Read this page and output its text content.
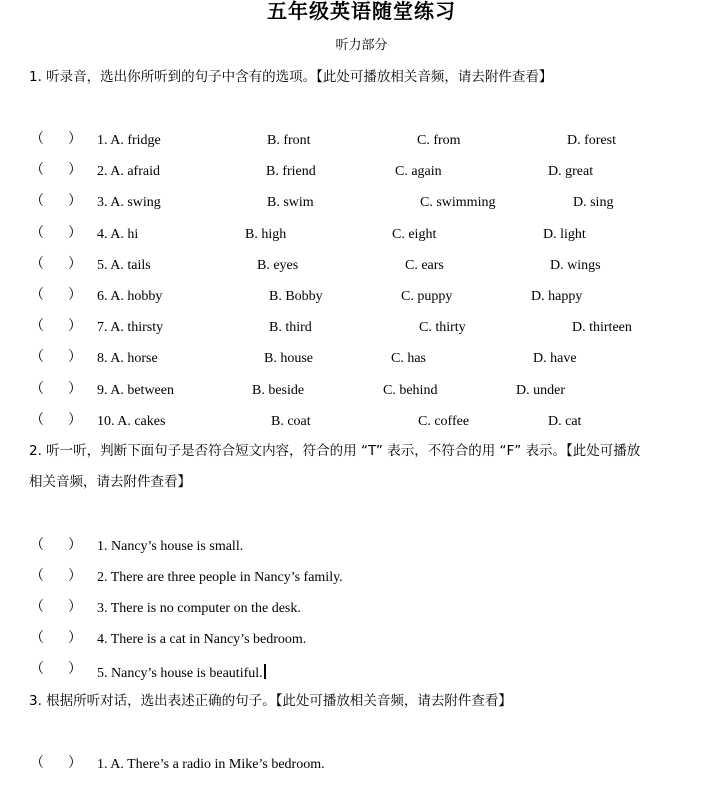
五年级英语随堂练习
听力部分
1. 听录音，选出你所听到的句子中含有的选项。【此处可播放相关音频，请去附件查看】
（ ） 1. A. fridge	B. front	C. from	D. forest
（ ） 2. A. afraid	B. friend	C. again	D. great
（ ） 3. A. swing	B. swim	C. swimming	D. sing
（ ） 4. A. hi	B. high	C. eight	D. light
（ ） 5. A. tails	B. eyes	C. ears	D. wings
（ ） 6. A. hobby	B. Bobby	C. puppy	D. happy
（ ） 7. A. thirsty	B. third	C. thirty	D. thirteen
（ ） 8. A. horse	B. house	C. has	D. have
（ ） 9. A. between	B. beside	C. behind	D. under
（ ） 10. A. cakes	B. coat	C. coffee	D. cat
2. 听一听，判断下面句子是否符合短文内容，符合的用 “T” 表示，不符合的用 “F” 表示。【此处可播放
相关音频，请去附件查看】
（ ） 1. Nancy’s house is small.
（ ） 2. There are three people in Nancy’s family.
（ ） 3. There is no computer on the desk.
（ ） 4. There is a cat in Nancy’s bedroom.
（ ） 5. Nancy’s house is beautiful.
3. 根据所听对话，选出表述正确的句子。【此处可播放相关音频，请去附件查看】
（ ） 1. A. There’s a radio in Mike’s bedroom.
